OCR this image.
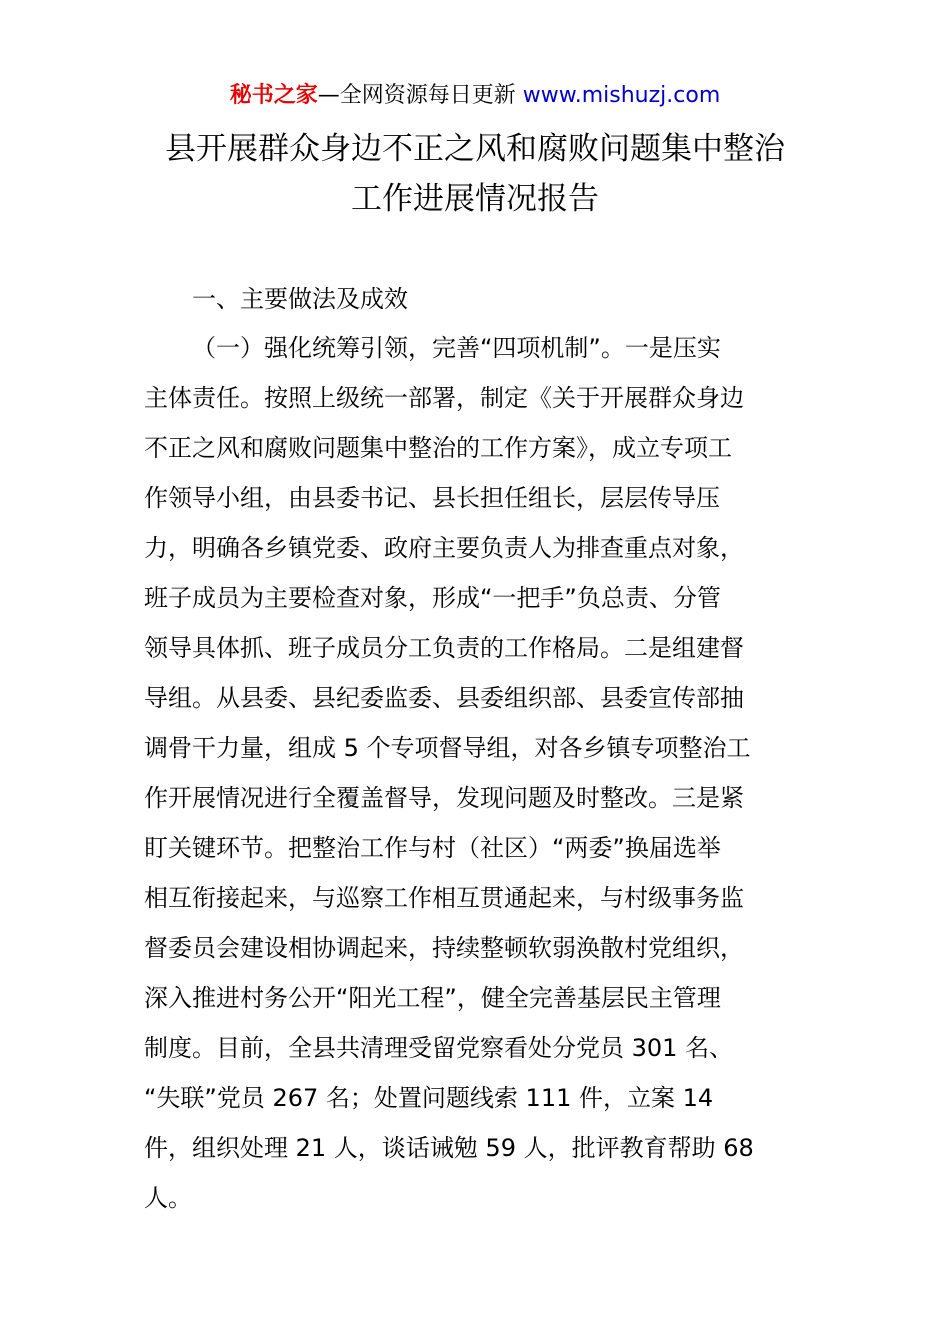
秘书之家—全网资源每日更新 www.mishuzj.com
县开展群众身边不正之风和腐败问题集中整治
工作进展情况报告

一、主要做法及成效

（一）强化统筹引领，完善“四项机制”。一是压实
主体责任。按照上级统一部署，制定《关于开展群众身边
不正之风和腐败问题集中整治的工作方案》，成立专项工
作领导小组，由县委书记、县长担任组长，层层传导压
力，明确各乡镇党委、政府主要负责人为排查重点对象，
班子成员为主要检查对象，形成“一把手”负总责、分管
领导具体抓、班子成员分工负责的工作格局。二是组建督
导组。从县委、县纪委监委、县委组织部、县委宣传部抽
调骨干力量，组成 5 个专项督导组，对各乡镇专项整治工
作开展情况进行全覆盖督导，发现问题及时整改。三是紧
盯关键环节。把整治工作与村（社区）“两委”换届选举
相互衔接起来，与巡察工作相互贯通起来，与村级事务监
督委员会建设相协调起来，持续整顿软弱涣散村党组织，
深入推进村务公开“阳光工程”，健全完善基层民主管理
制度。目前，全县共清理受留党察看处分党员 301 名、
“失联”党员 267 名；处置问题线索 111 件，立案 14
件，组织处理 21 人，谈话诫勉 59 人，批评教育帮助 68
人。
